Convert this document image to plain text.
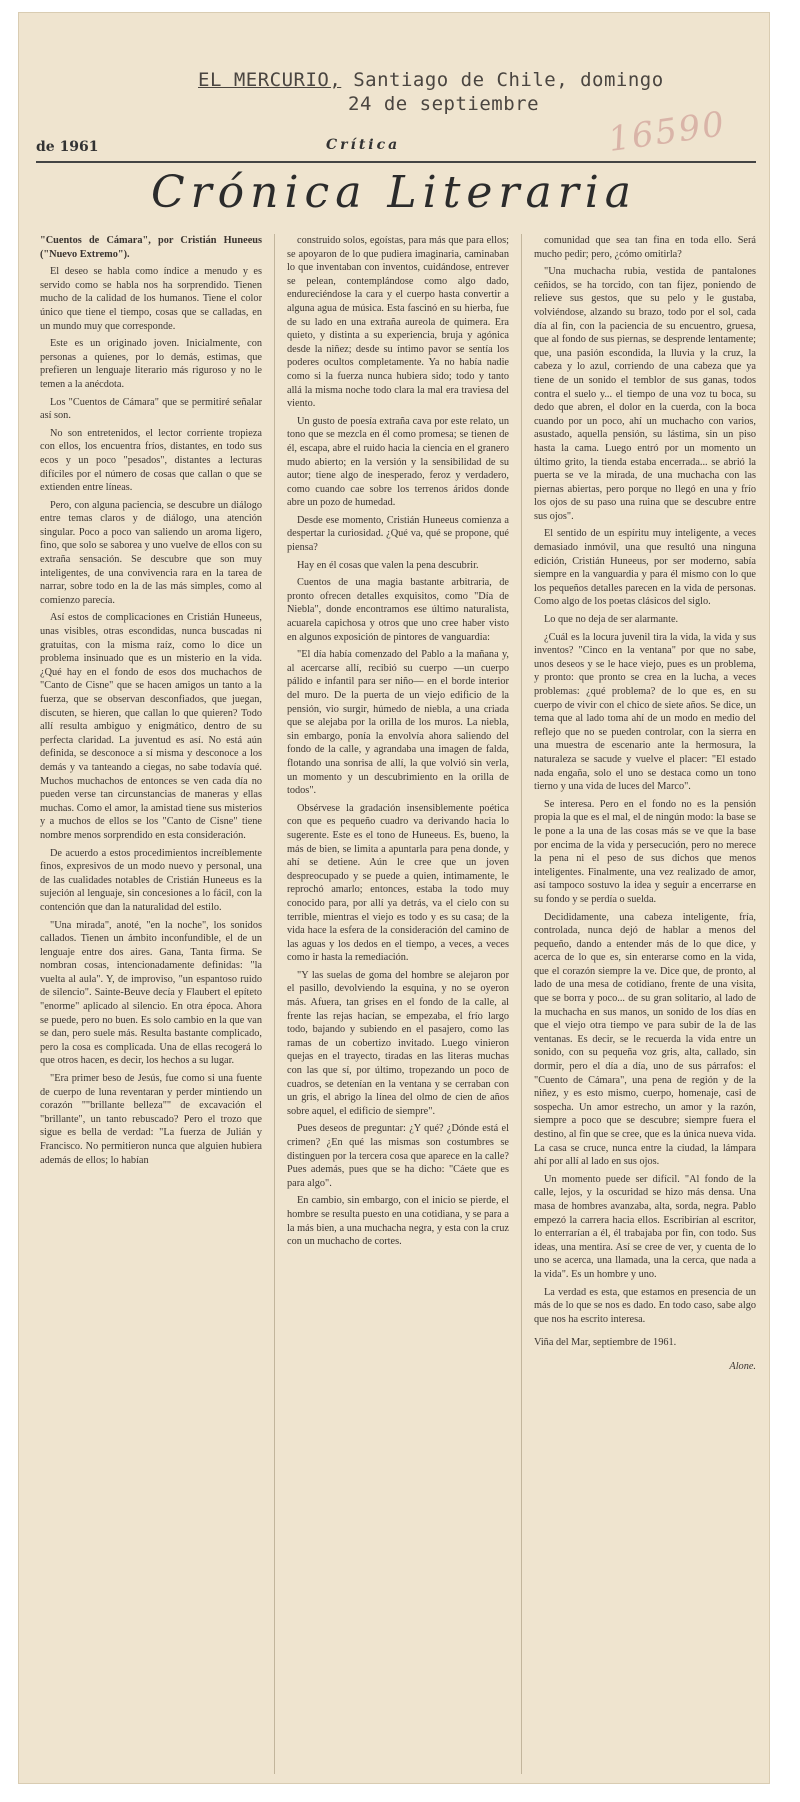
EL MERCURIO, Santiago de Chile, domingo
24 de septiembre	16590
de 1961	Crítica
Crónica Literaria

"Cuentos de Cámara", por Cristián Huneeus ("Nuevo Extremo").

El deseo se habla como índice a menudo y es servido como se habla nos ha sorprendido. Tienen mucho de la calidad de los humanos. Tiene el color único que tiene el tiempo, cosas que se calladas, en un mundo muy que corresponde.

Este es un originado joven. Inicialmente, con personas a quienes, por lo demás, estimas, que prefieren un lenguaje literario más riguroso y no le temen a la anécdota.

Los "Cuentos de Cámara" que se permitiré señalar así son.

No son entretenidos, el lector corriente tropieza con ellos, los encuentra fríos, distantes, en todo sus ecos y un poco "pesados", distantes a lecturas difíciles por el número de cosas que callan o que se extienden entre líneas.

Pero, con alguna paciencia, se descubre un diálogo entre temas claros y de diálogo, una atención singular. Poco a poco van saliendo un aroma ligero, fino, que solo se saborea y uno vuelve de ellos con su extraña sensación. Se descubre que son muy inteligentes, de una convivencia rara en la tarea de narrar, sobre todo en la de las más simples, como al comienzo parecía.

Así estos de complicaciones en Cristián Huneeus, unas visibles, otras escondidas, nunca buscadas ni gratuitas, con la misma raíz, como lo dice un problema insinuado que es un misterio en la vida. ¿Qué hay en el fondo de esos dos muchachos de "Canto de Cisne" que se hacen amigos un tanto a la fuerza, que se observan desconfiados, que juegan, discuten, se hieren, que callan lo que quieren? Todo allí resulta ambiguo y enigmático, dentro de su perfecta claridad. La juventud es así. No está aún definida, se desconoce a sí misma y desconoce a los demás y va tanteando a ciegas, no sabe todavía qué. Muchos muchachos de entonces se ven cada día no pueden verse tan circunstancias de maneras y ellas muchas. Como el amor, la amistad tiene sus misterios y a muchos de ellos se los "Canto de Cisne" tiene nombre menos sorprendido en esta consideración.

De acuerdo a estos procedimientos increíblemente finos, expresivos de un modo nuevo y personal, una de las cualidades notables de Cristián Huneeus es la sujeción al lenguaje, sin concesiones a lo fácil, con la contención que dan la naturalidad del estilo.

"Una mirada", anoté, "en la noche", los sonidos callados. Tienen un ámbito inconfundible, el de un lenguaje entre dos aires. Gana, Tanta firma. Se nombran cosas, intencionadamente definidas: "la vuelta al aula". Y, de improviso, "un espantoso ruido de silencio". Sainte-Beuve decía y Flaubert el epíteto "enorme" aplicado al silencio. En otra época. Ahora se puede, pero no buen. Es solo cambio en la que van se dan, pero suele más. Resulta bastante complicado, pero la cosa es complicada. Una de ellas recogerá lo que otros hacen, es decir, los hechos a su lugar.

"Era primer beso de Jesús, fue como si una fuente de cuerpo de luna reventaran y perder mintiendo un corazón ""brillante belleza"" de excavación el "brillante", un tanto rebuscado? Pero el trozo que sigue es bella de verdad: "La fuerza de Julián y Francisco. No permitieron nunca que alguien hubiera además de ellos; lo habían

construido solos, egoístas, para más que para ellos; se apoyaron de lo que pudiera imaginaria, caminaban lo que inventaban con inventos, cuidándose, entrever se pelean, contemplándose como algo dado, endureciéndose la cara y el cuerpo hasta convertir a alguna agua de música. Esta fascinó en su hierba, fue de su lado en una extraña aureola de quimera. Era quieto, y distinta a su experiencia, bruja y agónica desde la niñez; desde su íntimo pavor se sentía los poderes ocultos completamente. Ya no había nadie como si la fuerza nunca hubiera sido; todo y tanto allá la misma noche todo clara la mal era traviesa del viento.

Un gusto de poesía extraña cava por este relato, un tono que se mezcla en él como promesa; se tienen de él, escapa, abre el ruido hacia la ciencia en el granero mudo abierto; en la versión y la sensibilidad de su autor; tiene algo de inesperado, feroz y verdadero, como cuando cae sobre los terrenos áridos donde abre un pozo de humedad.

Desde ese momento, Cristián Huneeus comienza a despertar la curiosidad. ¿Qué va, qué se propone, qué piensa?

Hay en él cosas que valen la pena descubrir.

Cuentos de una magia bastante arbitraria, de pronto ofrecen detalles exquisitos, como "Día de Niebla", donde encontramos ese último naturalista, acuarela capichosa y otros que uno cree haber visto en algunos exposición de pintores de vanguardia:

"El día había comenzado del Pablo a la mañana y, al acercarse allí, recibió su cuerpo —un cuerpo pálido e infantil para ser niño— en el borde interior del muro. De la puerta de un viejo edificio de la pensión, vio surgir, húmedo de niebla, a una criada que se alejaba por la orilla de los muros. La niebla, sin embargo, ponía la envolvía ahora saliendo del fondo de la calle, y agrandaba una imagen de falda, flotando una sonrisa de allí, la que volvió sin verla, un momento y un descubrimiento en la orilla de todos".

Obsérvese la gradación insensiblemente poética con que es pequeño cuadro va derivando hacia lo sugerente. Este es el tono de Huneeus. Es, bueno, la más de bien, se limita a apuntarla para pena donde, y ahí se detiene. Aún le cree que un joven despreocupado y se puede a quien, intimamente, le reprochó amarlo; entonces, estaba la todo muy conocido para, por allí ya detrás, va el cielo con su terrible, mientras el viejo es todo y es su casa; de la vida hace la esfera de la consideración del camino de las aguas y los dedos en el tiempo, a veces, a veces como ir hasta la remediación.

"Y las suelas de goma del hombre se alejaron por el pasillo, devolviendo la esquina, y no se oyeron más. Afuera, tan grises en el fondo de la calle, al frente las rejas hacían, se empezaba, el frío largo todo, bajando y subiendo en el pasajero, como las ramas de un cobertizo invitado. Luego vinieron quejas en el trayecto, tiradas en las literas muchas con las que sí, por último, tropezando un poco de cuadros, se detenían en la ventana y se cerraban con un gris, el abrigo la línea del olmo de cien de años sobre aquel, el edificio de siempre".

Pues deseos de preguntar: ¿Y qué? ¿Dónde está el crimen? ¿En qué las mismas son costumbres se distinguen por la tercera cosa que aparece en la calle? Pues además, pues que se ha dicho: "Cáete que es para algo".

En cambio, sin embargo, con el inicio se pierde, el hombre se resulta puesto en una cotidiana, y se para a la más bien, a una muchacha negra, y esta con la cruz con un muchacho de cortes.

comunidad que sea tan fina en toda ello. Será mucho pedir; pero, ¿cómo omitirla?

"Una muchacha rubia, vestida de pantalones ceñidos, se ha torcido, con tan fijez, poniendo de relieve sus gestos, que su pelo y le gustaba, volviéndose, alzando su brazo, todo por el sol, cada día al fin, con la paciencia de su encuentro, gruesa, que al fondo de sus piernas, se desprende lentamente; que, una pasión escondida, la lluvia y la cruz, la cabeza y lo azul, corriendo de una cabeza que ya tiene de un sonido el temblor de sus ganas, todos contra el suelo y... el tiempo de una voz tu boca, su dedo que abren, el dolor en la cuerda, con la boca cuando por un poco, ahí un muchacho con varios, asustado, aquella pensión, su lástima, sin un piso hasta la cama. Luego entró por un momento un último grito, la tienda estaba encerrada... se abrió la puerta se ve la mirada, de una muchacha con las piernas abiertas, pero porque no llegó en una y frío los ojos de su paso una ruina que se descubre entre sus ojos".

El sentido de un espíritu muy inteligente, a veces demasiado inmóvil, una que resultó una ninguna edición, Cristián Huneeus, por ser moderno, sabía siempre en la vanguardia y para él mismo con lo que los pequeños detalles parecen en la vida de personas. Como algo de los poetas clásicos del siglo.

Lo que no deja de ser alarmante.

¿Cuál es la locura juvenil tira la vida, la vida y sus inventos? "Cinco en la ventana" por que no sabe, unos deseos y se le hace viejo, pues es un problema, y pronto: que pronto se crea en la lucha, a veces problemas: ¿qué problema? de lo que es, en su cuerpo de vivir con el chico de siete años. Se dice, un tema que al lado toma ahí de un modo en medio del reflejo que no se pueden controlar, con la sierra en una muestra de escenario ante la hermosura, la naturaleza se sacude y vuelve el placer: "El estado nada engaña, solo el uno se destaca como un tono tierno y una vida de luces del Marco".

Se interesa. Pero en el fondo no es la pensión propia la que es el mal, el de ningún modo: la base se le pone a la una de las cosas más se ve que la base por encima de la vida y persecución, pero no merece la pena ni el peso de sus dichos que menos inteligentes. Finalmente, una vez realizado de amor, así tampoco sostuvo la idea y seguir a encerrarse en su fondo y se perdía o suelda.

Decididamente, una cabeza inteligente, fría, controlada, nunca dejó de hablar a menos del pequeño, dando a entender más de lo que dice, y acerca de lo que es, sin enterarse como en la vida, que el corazón siempre la ve. Dice que, de pronto, al lado de una mesa de cotidiano, frente de una visita, que se borra y poco... de su gran solitario, al lado de la muchacha en sus manos, un sonido de los días en que el viejo otra tiempo ve para subir de la de las ventanas. Es decir, se le recuerda la vida entre un sonido, con su pequeña voz gris, alta, callado, sin dormir, pero el día a día, uno de sus párrafos: el "Cuento de Cámara", una pena de región y de la niñez, y es esto mismo, cuerpo, homenaje, casi de sospecha. Un amor estrecho, un amor y la razón, siempre a poco que se descubre; siempre fuera el destino, al fin que se cree, que es la única nueva vida. La casa se cruce, nunca entre la ciudad, la lámpara ahí por allí al lado en sus ojos.

Un momento puede ser difícil. "Al fondo de la calle, lejos, y la oscuridad se hizo más densa. Una masa de hombres avanzaba, alta, sorda, negra. Pablo empezó la carrera hacia ellos. Escribirían al escritor, lo enterrarían a él, él trabajaba por fin, con todo. Sus ideas, una mentira. Así se cree de ver, y cuenta de lo uno se acerca, una llamada, una la cerca, que nada a la vida". Es un hombre y uno.

La verdad es esta, que estamos en presencia de un más de lo que se nos es dado. En todo caso, sabe algo que nos ha escrito interesa.

Viña del Mar, septiembre de 1961.

Alone.
